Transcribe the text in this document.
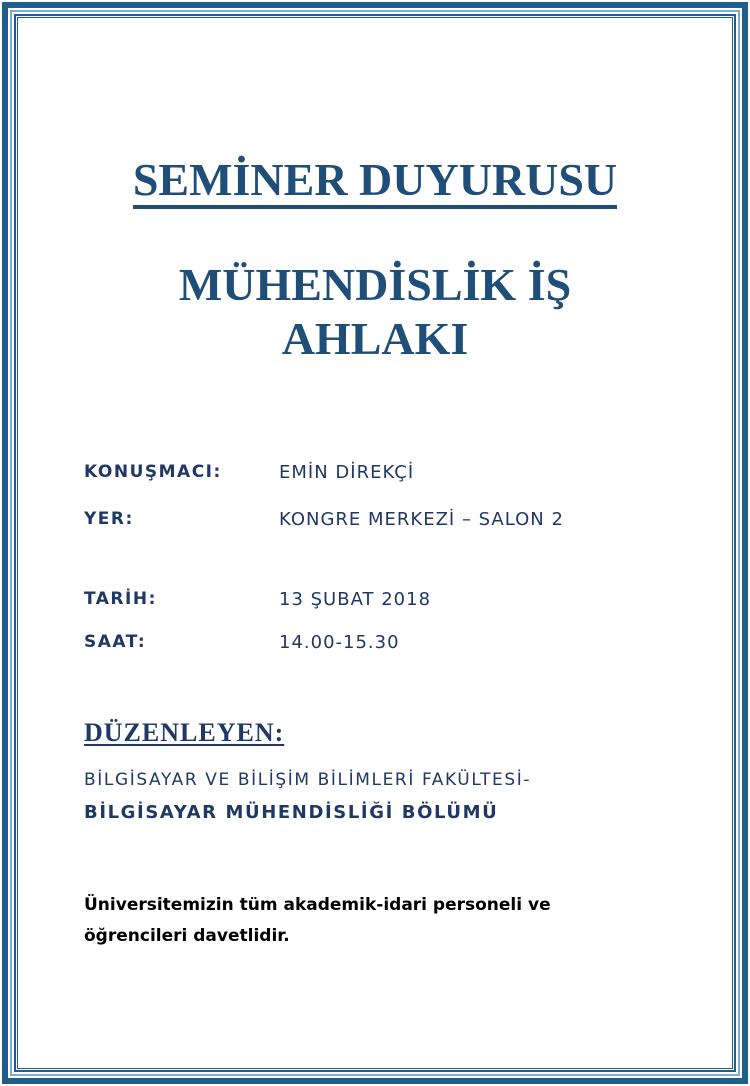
SEMİNER DUYURUSU
MÜHENDİSLİK İŞ
AHLAKI
KONUŞMACI:	EMİN DİREKÇİ
YER:	KONGRE MERKEZİ – SALON 2
TARİH:	13 ŞUBAT 2018
SAAT:	14.00-15.30
DÜZENLEYEN:
BİLGİSAYAR VE BİLİŞİM BİLİMLERİ FAKÜLTESİ-
BİLGİSAYAR MÜHENDİSLİĞİ BÖLÜMÜ
Üniversitemizin tüm akademik-idari personeli ve
öğrencileri davetlidir.
